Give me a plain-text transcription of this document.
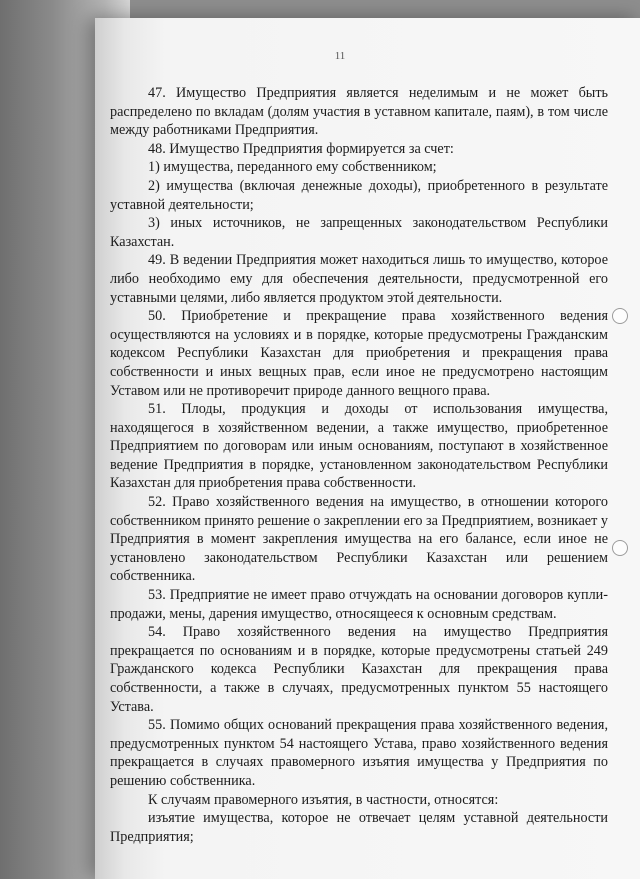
11

47. Имущество Предприятия является неделимым и не может быть распределено по вкладам (долям участия в уставном капитале, паям), в том числе между работниками Предприятия.

48. Имущество Предприятия формируется за счет:

1) имущества, переданного ему собственником;

2) имущества (включая денежные доходы), приобретенного в результате уставной деятельности;

3) иных источников, не запрещенных законодательством Республики Казахстан.

49. В ведении Предприятия может находиться лишь то имущество, которое либо необходимо ему для обеспечения деятельности, предусмотренной его уставными целями, либо является продуктом этой деятельности.

50. Приобретение и прекращение права хозяйственного ведения осуществляются на условиях и в порядке, которые предусмотрены Гражданским кодексом Республики Казахстан для приобретения и прекращения права собственности и иных вещных прав, если иное не предусмотрено настоящим Уставом или не противоречит природе данного вещного права.

51. Плоды, продукция и доходы от использования имущества, находящегося в хозяйственном ведении, а также имущество, приобретенное Предприятием по договорам или иным основаниям, поступают в хозяйственное ведение Предприятия в порядке, установленном законодательством Республики Казахстан для приобретения права собственности.

52. Право хозяйственного ведения на имущество, в отношении которого собственником принято решение о закреплении его за Предприятием, возникает у Предприятия в момент закрепления имущества на его балансе, если иное не установлено законодательством Республики Казахстан или решением собственника.

53. Предприятие не имеет право отчуждать на основании договоров купли-продажи, мены, дарения имущество, относящееся к основным средствам.

54. Право хозяйственного ведения на имущество Предприятия прекращается по основаниям и в порядке, которые предусмотрены статьей 249 Гражданского кодекса Республики Казахстан для прекращения права собственности, а также в случаях, предусмотренных пунктом 55 настоящего Устава.

55. Помимо общих оснований прекращения права хозяйственного ведения, предусмотренных пунктом 54 настоящего Устава, право хозяйственного ведения прекращается в случаях правомерного изъятия имущества у Предприятия по решению собственника.

К случаям правомерного изъятия, в частности, относятся:

изъятие имущества, которое не отвечает целям уставной деятельности Предприятия;
